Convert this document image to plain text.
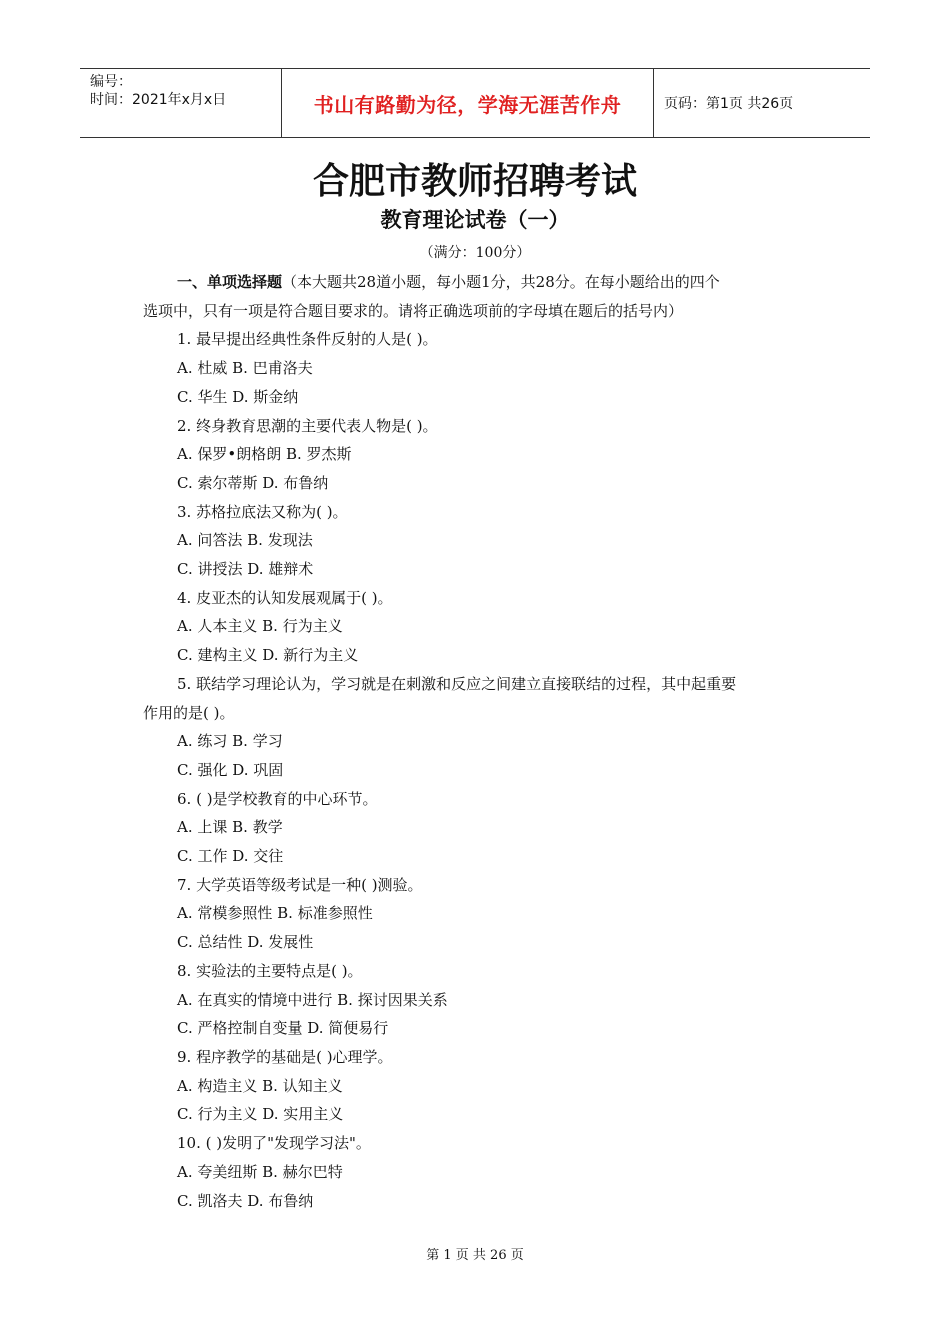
编号：
时间：2021年x月x日	书山有路勤为径，学海无涯苦作舟	页码：第1页 共26页
合肥市教师招聘考试
教育理论试卷（一）
（满分：100分）

一、单项选择题（本大题共28道小题，每小题1分，共28分。在每小题给出的四个

选项中，只有一项是符合题目要求的。请将正确选项前的字母填在题后的括号内）

1. 最早提出经典性条件反射的人是( )。

A. 杜威 B. 巴甫洛夫

C. 华生 D. 斯金纳

2. 终身教育思潮的主要代表人物是( )。

A. 保罗•朗格朗 B. 罗杰斯

C. 索尔蒂斯 D. 布鲁纳

3. 苏格拉底法又称为( )。

A. 问答法 B. 发现法

C. 讲授法 D. 雄辩术

4. 皮亚杰的认知发展观属于( )。

A. 人本主义 B. 行为主义

C. 建构主义 D. 新行为主义

5. 联结学习理论认为，学习就是在刺激和反应之间建立直接联结的过程，其中起重要

作用的是( )。

A. 练习 B. 学习

C. 强化 D. 巩固

6. ( )是学校教育的中心环节。

A. 上课 B. 教学

C. 工作 D. 交往

7. 大学英语等级考试是一种( )测验。

A. 常模参照性 B. 标准参照性

C. 总结性 D. 发展性

8. 实验法的主要特点是( )。

A. 在真实的情境中进行 B. 探讨因果关系

C. 严格控制自变量 D. 简便易行

9. 程序教学的基础是( )心理学。

A. 构造主义 B. 认知主义

C. 行为主义 D. 实用主义

10. ( )发明了"发现学习法"。

A. 夸美纽斯 B. 赫尔巴特

C. 凯洛夫 D. 布鲁纳

第 1 页 共 26 页
